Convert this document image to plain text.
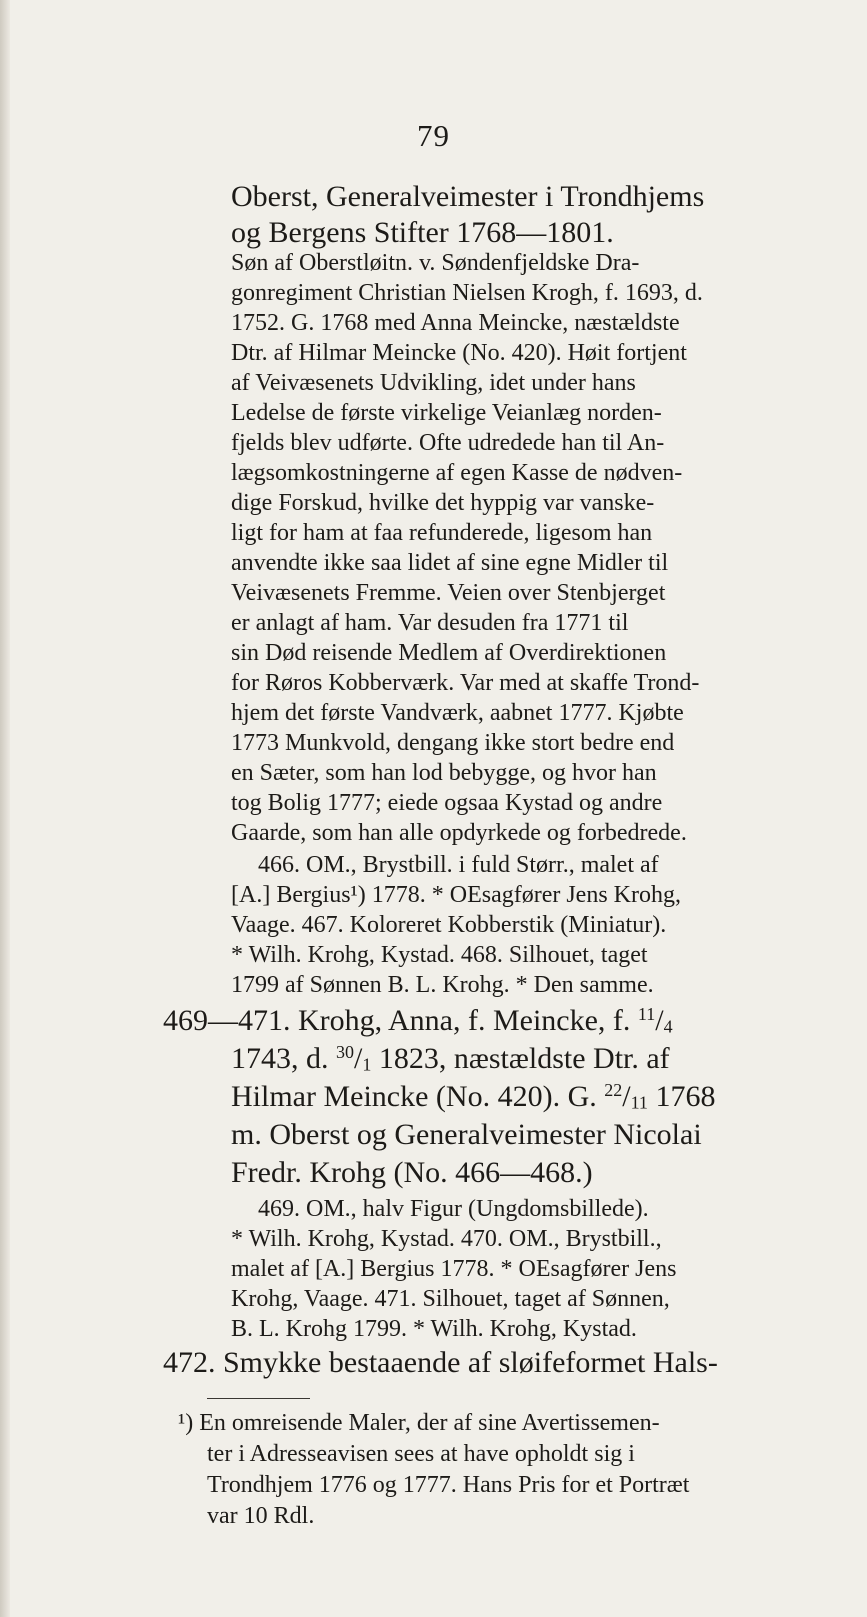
79

Oberst, Generalveimester i Trondhjems

og Bergens Stifter 1768—1801.

Søn af Oberstløitn. v. Søndenfjeldske Dra-

gonregiment Christian Nielsen Krogh, f. 1693, d.

1752. G. 1768 med Anna Meincke, næstældste

Dtr. af Hilmar Meincke (No. 420). Høit fortjent

af Veivæsenets Udvikling, idet under hans

Ledelse de første virkelige Veianlæg norden-

fjelds blev udførte. Ofte udredede han til An-

lægsomkostningerne af egen Kasse de nødven-

dige Forskud, hvilke det hyppig var vanske-

ligt for ham at faa refunderede, ligesom han

anvendte ikke saa lidet af sine egne Midler til

Veivæsenets Fremme. Veien over Stenbjerget

er anlagt af ham. Var desuden fra 1771 til

sin Død reisende Medlem af Overdirektionen

for Røros Kobberværk. Var med at skaffe Trond-

hjem det første Vandværk, aabnet 1777. Kjøbte

1773 Munkvold, dengang ikke stort bedre end

en Sæter, som han lod bebygge, og hvor han

tog Bolig 1777; eiede ogsaa Kystad og andre

Gaarde, som han alle opdyrkede og forbedrede.

466. OM., Brystbill. i fuld Størr., malet af

[A.] Bergius¹) 1778. * OEsagfører Jens Krohg,

Vaage. 467. Koloreret Kobberstik (Miniatur).

* Wilh. Krohg, Kystad. 468. Silhouet, taget

1799 af Sønnen B. L. Krohg. * Den samme.

469—471. Krohg, Anna, f. Meincke, f. $^{11}/_4$

1743, d. $^{30}/_1$ 1823, næstældste Dtr. af

Hilmar Meincke (No. 420). G. $^{22}/_{11}$ 1768

m. Oberst og Generalveimester Nicolai

Fredr. Krohg (No. 466—468.)

469. OM., halv Figur (Ungdomsbillede).

* Wilh. Krohg, Kystad. 470. OM., Brystbill.,

malet af [A.] Bergius 1778. * OEsagfører Jens

Krohg, Vaage. 471. Silhouet, taget af Sønnen,

B. L. Krohg 1799. * Wilh. Krohg, Kystad.

472. Smykke bestaaende af sløifeformet Hals-

¹) En omreisende Maler, der af sine Avertissemen-

ter i Adresseavisen sees at have opholdt sig i

Trondhjem 1776 og 1777. Hans Pris for et Portræt

var 10 Rdl.
